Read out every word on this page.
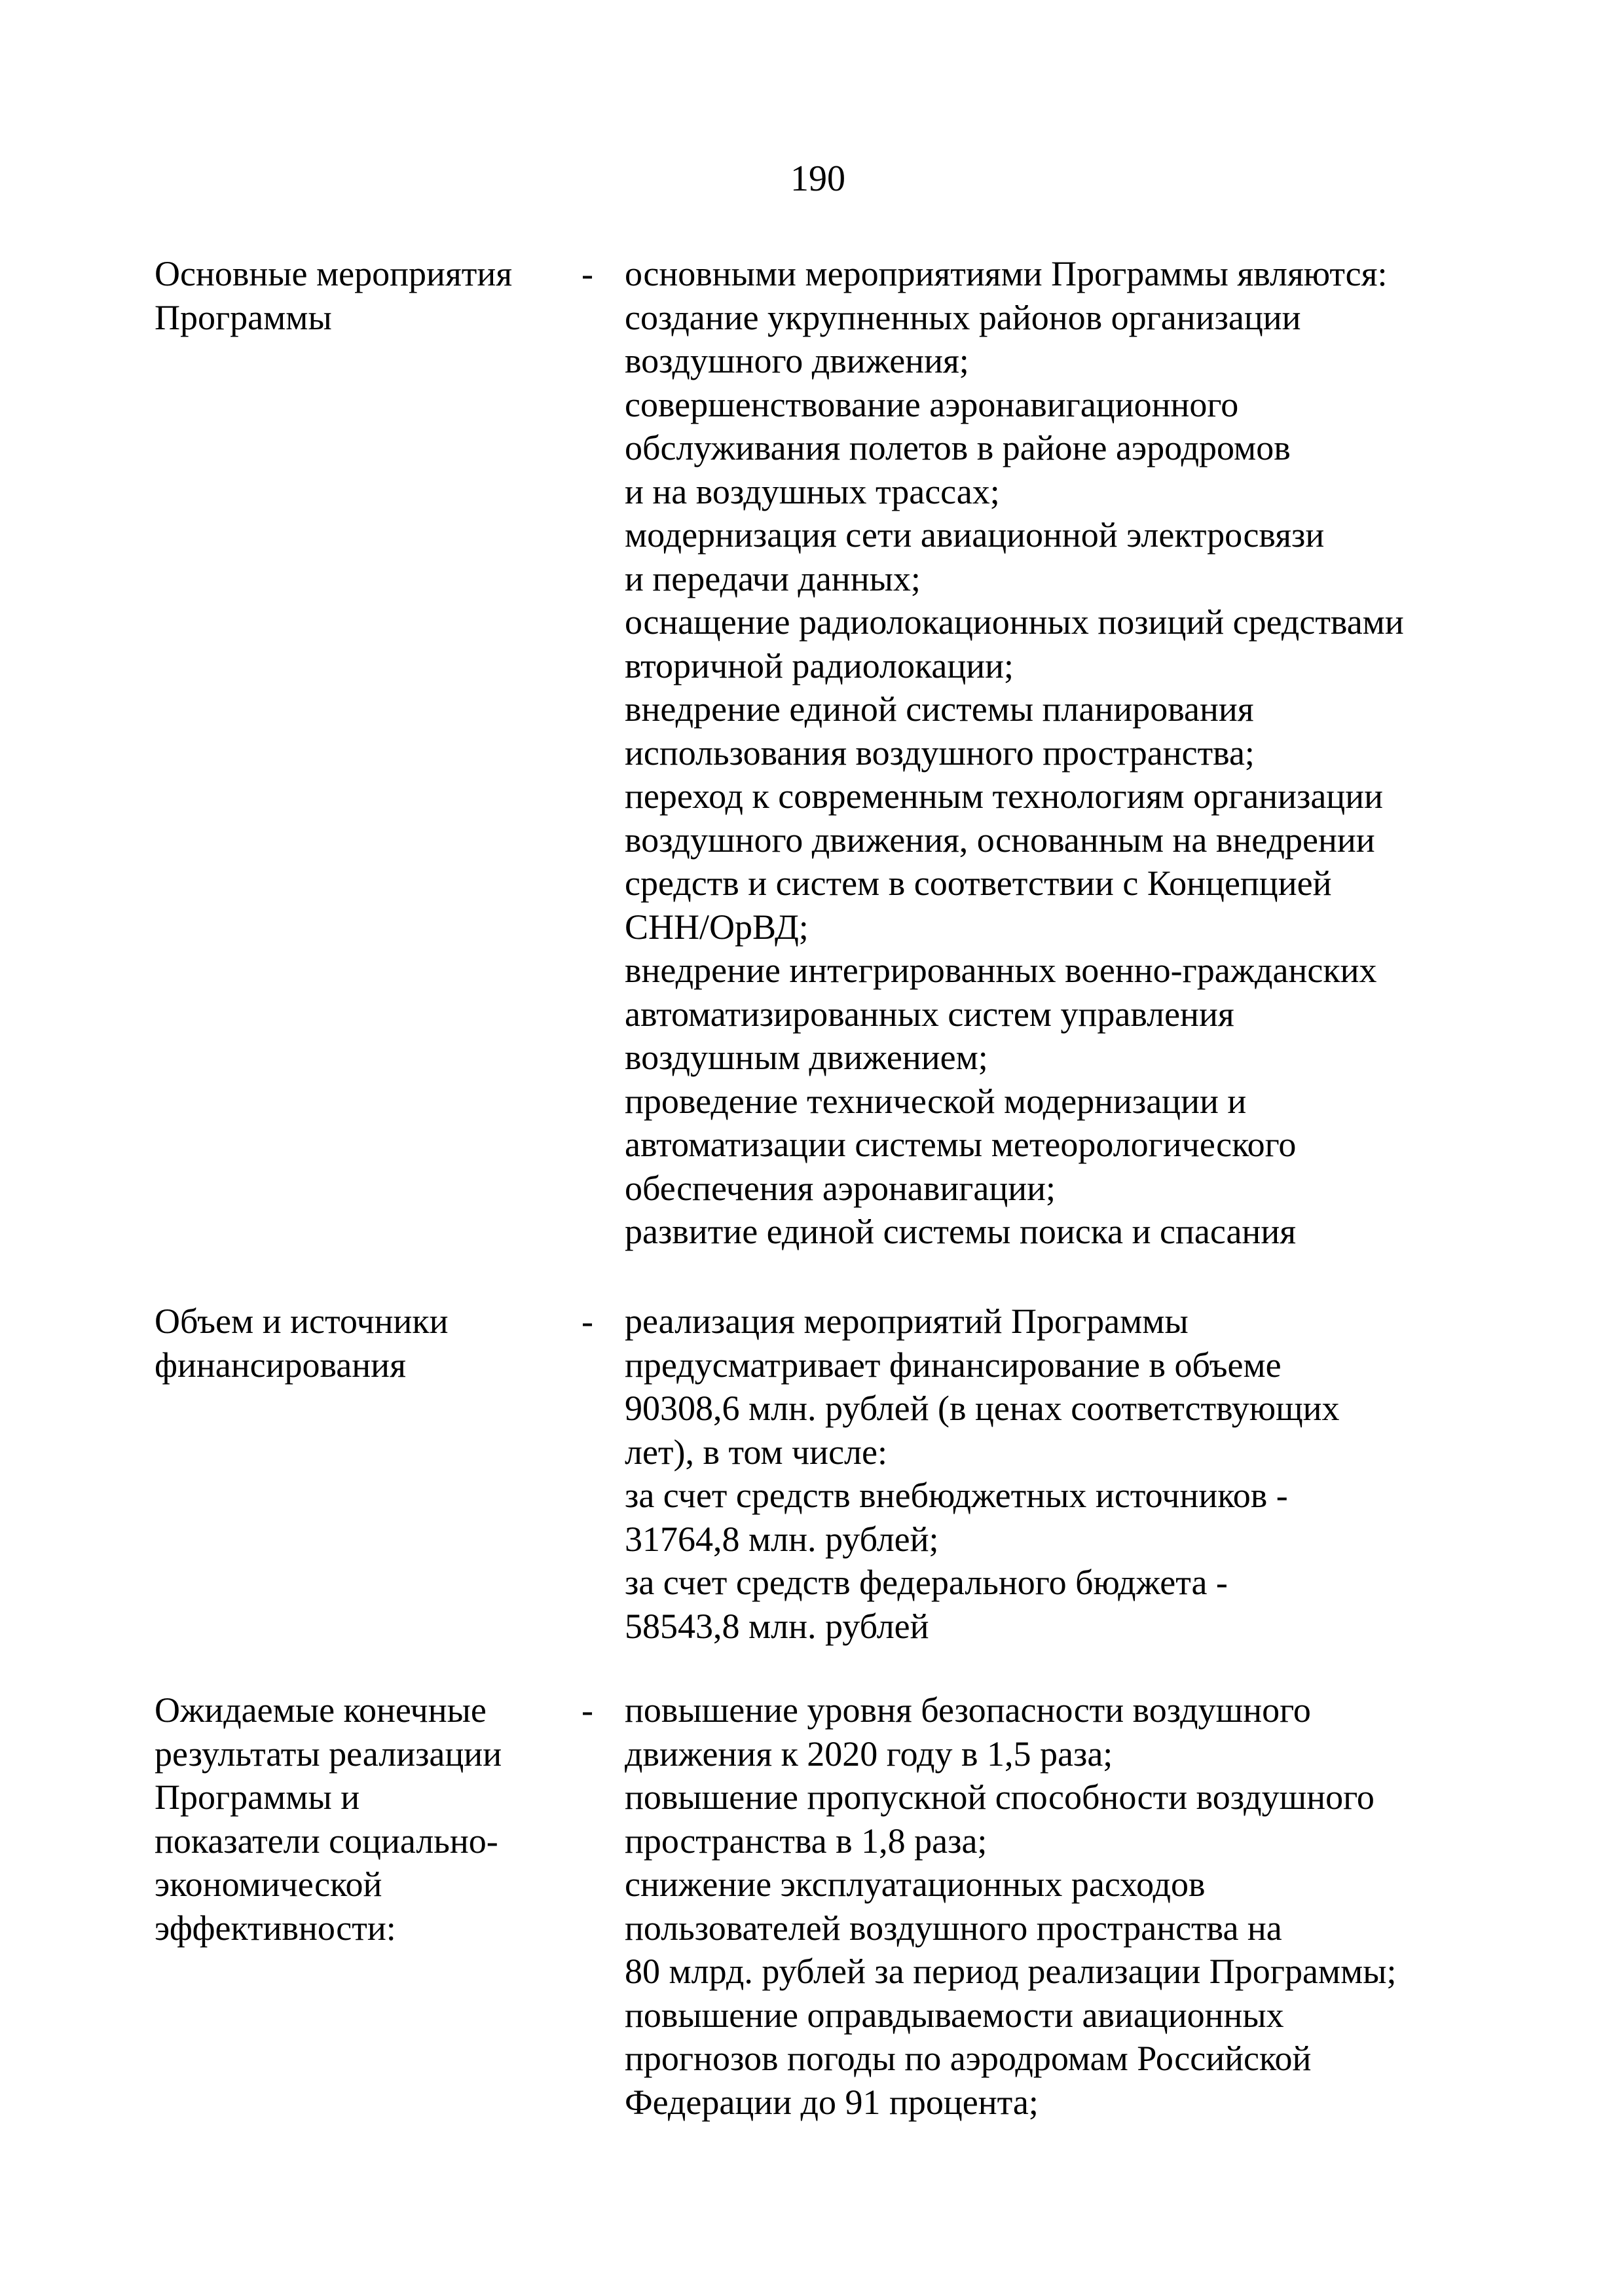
190
Основные мероприятия
Программы
- основными мероприятиями Программы являются:
создание укрупненных районов организации
воздушного движения;
совершенствование аэронавигационного
обслуживания полетов в районе аэродромов
и на воздушных трассах;
модернизация сети авиационной электросвязи
и передачи данных;
оснащение радиолокационных позиций средствами
вторичной радиолокации;
внедрение единой системы планирования
использования воздушного пространства;
переход к современным технологиям организации
воздушного движения, основанным на внедрении
средств и систем в соответствии с Концепцией
СНН/ОрВД;
внедрение интегрированных военно-гражданских
автоматизированных систем управления
воздушным движением;
проведение технической модернизации и
автоматизации системы метеорологического
обеспечения аэронавигации;
развитие единой системы поиска и спасания
Объем и источники
финансирования
- реализация мероприятий Программы
предусматривает финансирование в объеме
90308,6 млн. рублей (в ценах соответствующих
лет), в том числе:
за счет средств внебюджетных источников -
31764,8 млн. рублей;
за счет средств федерального бюджета -
58543,8 млн. рублей
Ожидаемые конечные
результаты реализации
Программы и
показатели социально-
экономической
эффективности:
- повышение уровня безопасности воздушного
движения к 2020 году в 1,5 раза;
повышение пропускной способности воздушного
пространства в 1,8 раза;
снижение эксплуатационных расходов
пользователей воздушного пространства на
80 млрд. рублей за период реализации Программы;
повышение оправдываемости авиационных
прогнозов погоды по аэродромам Российской
Федерации до 91 процента;
